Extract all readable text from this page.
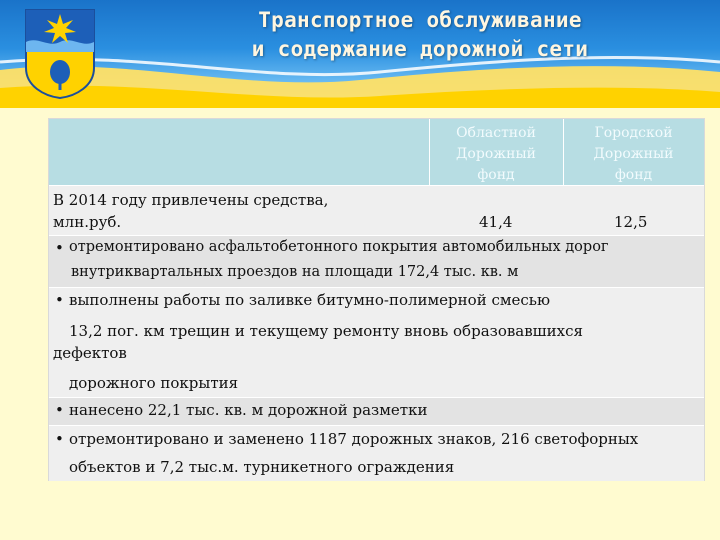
Транспортное обслуживание
и содержание дорожной сети
Областной
Дорожный
фонд
Городской
Дорожный
фонд
В 2014 году привлечены средства,
млн.руб.	41,4	12,5
• отремонтировано асфальтобетонного покрытия автомобильных дорог
внутриквартальных проездов на площади 172,4 тыс. кв. м
• выполнены работы по заливке битумно-полимерной смесью
13,2 пог. км трещин и текущему ремонту вновь образовавшихся
дефектов
дорожного покрытия
• нанесено 22,1 тыс. кв. м дорожной разметки
• отремонтировано и заменено 1187 дорожных знаков, 216 светофорных
объектов и 7,2 тыс.м. турникетного ограждения
